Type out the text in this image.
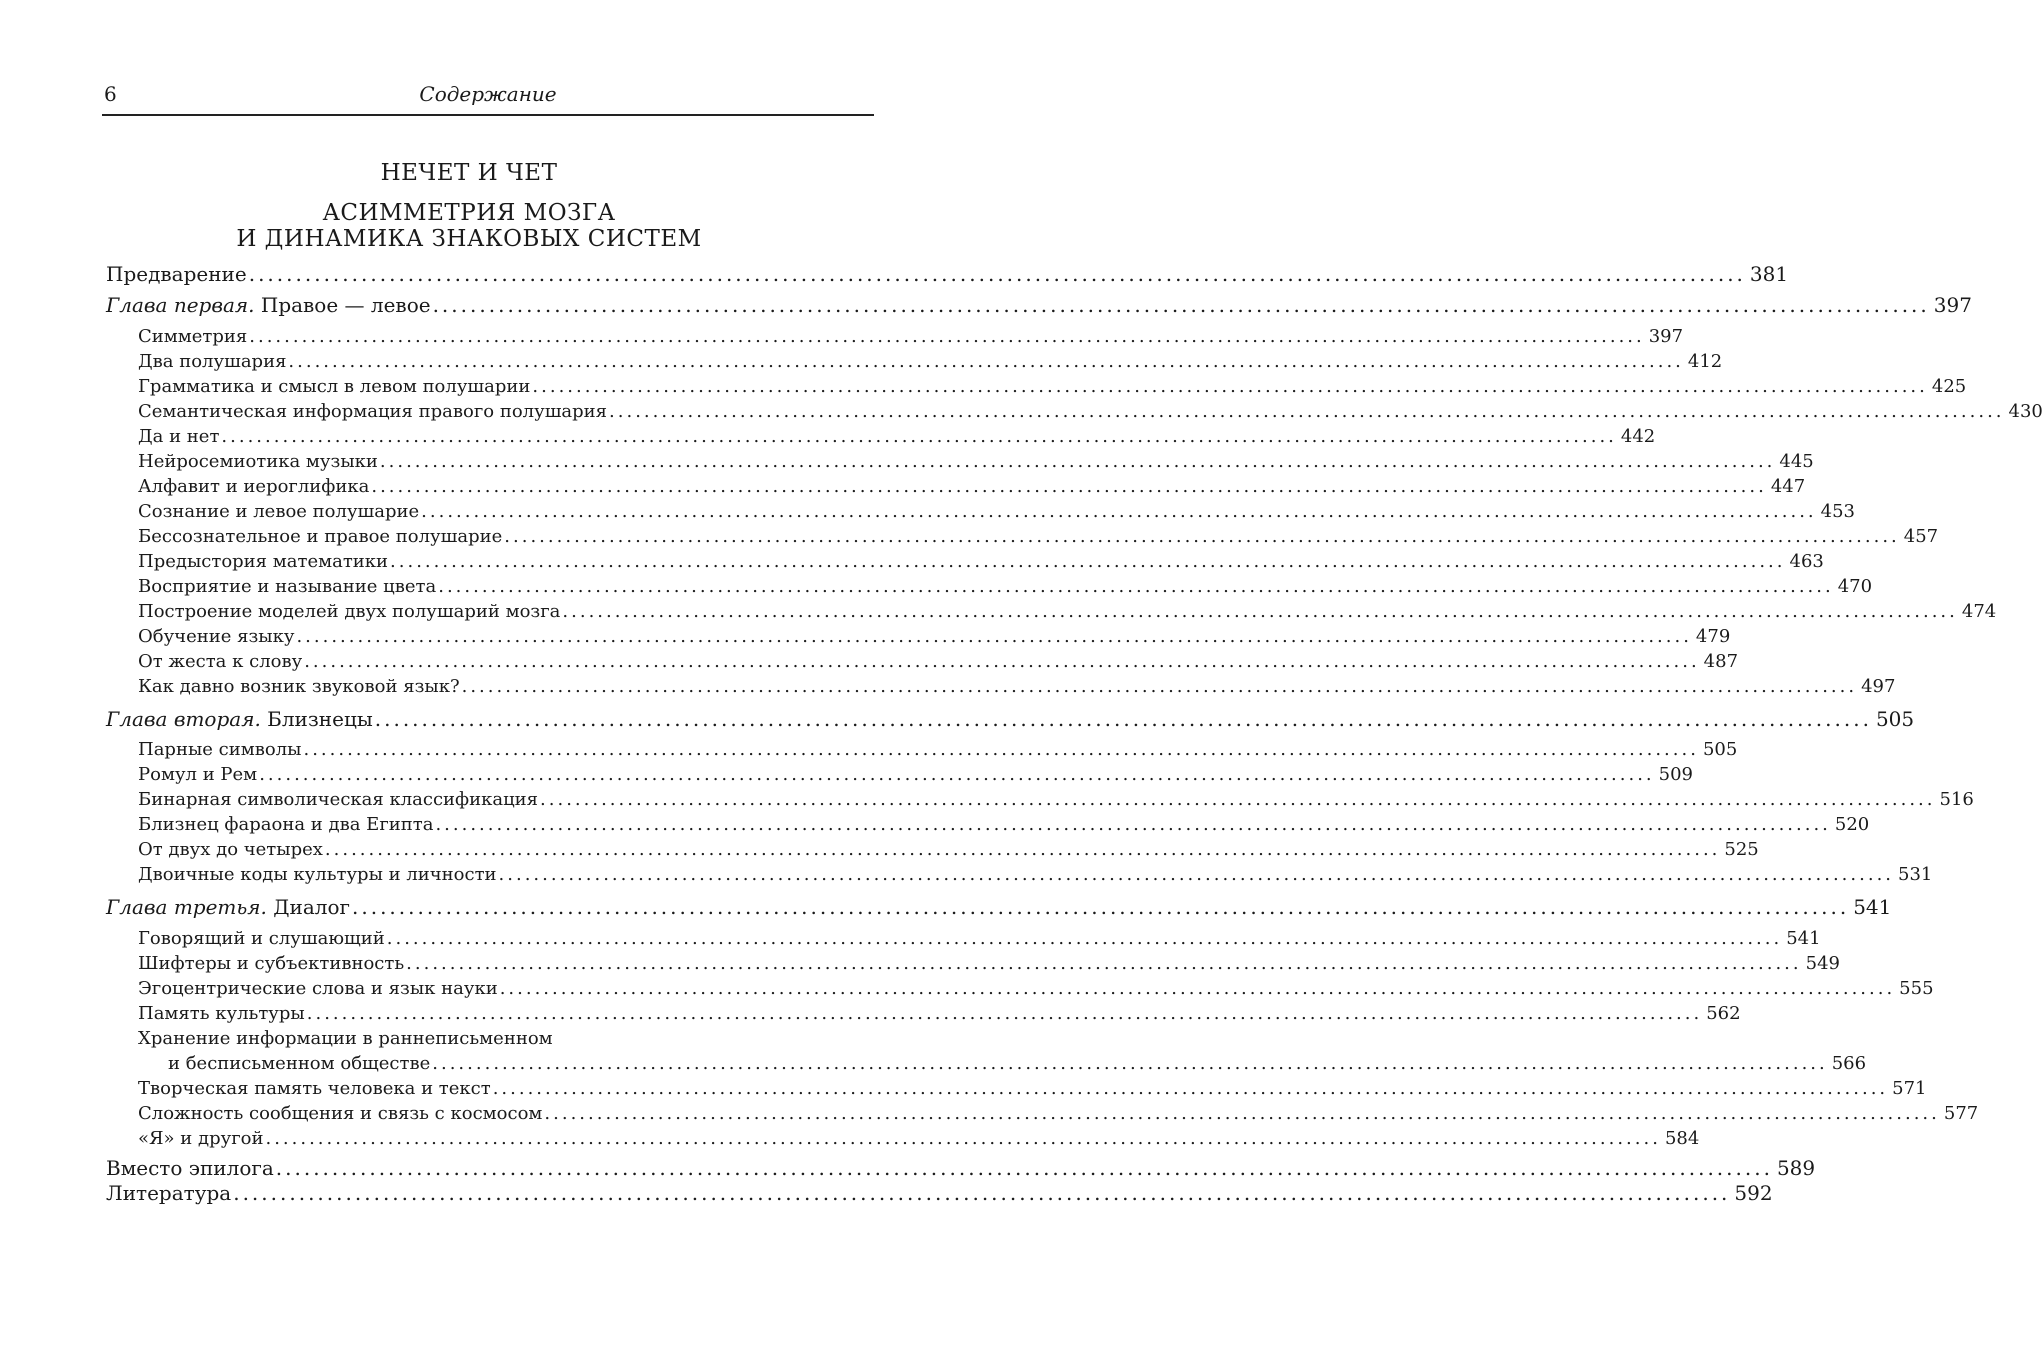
6	Содержание
НЕЧЕТ И ЧЕТ
АСИММЕТРИЯ МОЗГА
И ДИНАМИКА ЗНАКОВЫХ СИСТЕМ
Предварение ................................................................................................................................................................ 381
Глава первая. Правое — левое ................................................................................................................................................................ 397
Симметрия ................................................................................................................................................................ 397
Два полушария ................................................................................................................................................................ 412
Грамматика и смысл в левом полушарии ................................................................................................................................................................ 425
Семантическая информация правого полушария ................................................................................................................................................................ 430
Да и нет ................................................................................................................................................................ 442
Нейросемиотика музыки ................................................................................................................................................................ 445
Алфавит и иероглифика ................................................................................................................................................................ 447
Сознание и левое полушарие ................................................................................................................................................................ 453
Бессознательное и правое полушарие ................................................................................................................................................................ 457
Предыстория математики ................................................................................................................................................................ 463
Восприятие и называние цвета ................................................................................................................................................................ 470
Построение моделей двух полушарий мозга ................................................................................................................................................................ 474
Обучение языку ................................................................................................................................................................ 479
От жеста к слову ................................................................................................................................................................ 487
Как давно возник звуковой язык? ................................................................................................................................................................ 497
Глава вторая. Близнецы ................................................................................................................................................................ 505
Парные символы ................................................................................................................................................................ 505
Ромул и Рем ................................................................................................................................................................ 509
Бинарная символическая классификация ................................................................................................................................................................ 516
Близнец фараона и два Египта ................................................................................................................................................................ 520
От двух до четырех ................................................................................................................................................................ 525
Двоичные коды культуры и личности ................................................................................................................................................................ 531
Глава третья. Диалог ................................................................................................................................................................ 541
Говорящий и слушающий ................................................................................................................................................................ 541
Шифтеры и субъективность ................................................................................................................................................................ 549
Эгоцентрические слова и язык науки ................................................................................................................................................................ 555
Память культуры ................................................................................................................................................................ 562
Хранение информации в раннеписьменном
и бесписьменном обществе ................................................................................................................................................................ 566
Творческая память человека и текст ................................................................................................................................................................ 571
Сложность сообщения и связь с космосом ................................................................................................................................................................ 577
«Я» и другой ................................................................................................................................................................ 584
Вместо эпилога ................................................................................................................................................................ 589
Литература ................................................................................................................................................................ 592
